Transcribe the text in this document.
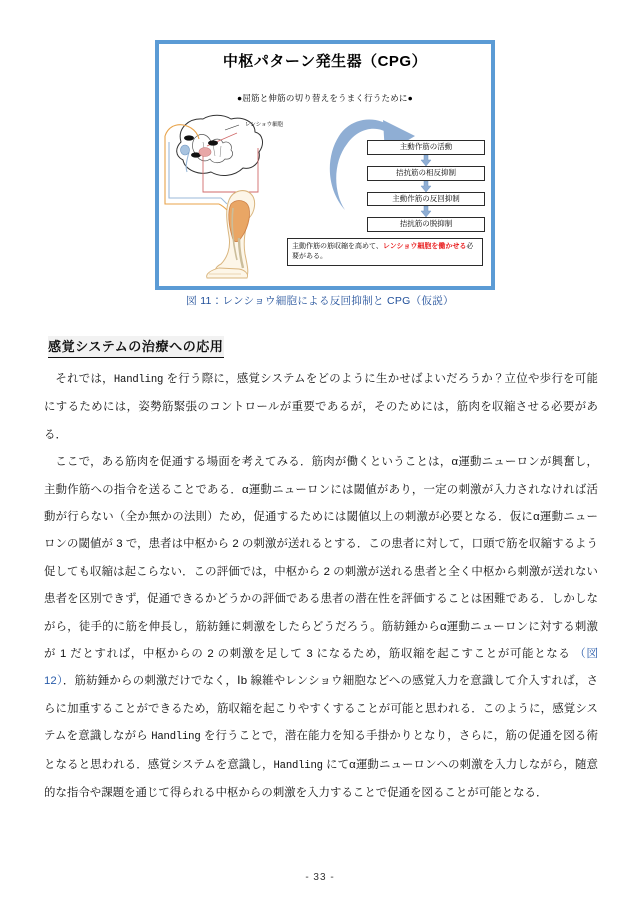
中枢パターン発生器（CPG）
●屈筋と伸筋の切り替えをうまく行うために●
レンショウ細胞
主動作筋の活動
拮抗筋の相反抑制
主動作筋の反回抑制
拮抗筋の脱抑制
主動作筋の筋収縮を高めて、レンショウ細胞を働かせる必要がある。
図 11：レンショウ細胞による反回抑制と CPG（仮説）
感覚システムの治療への応用

それでは，Handling を行う際に，感覚システムをどのように生かせばよいだろうか？立位や歩行を可能にするためには，姿勢筋緊張のコントロールが重要であるが，そのためには，筋肉を収縮させる必要がある．

ここで，ある筋肉を促通する場面を考えてみる．筋肉が働くということは，α運動ニューロンが興奮し，主動作筋への指令を送ることである．α運動ニューロンには閾値があり，一定の刺激が入力されなければ活動が行らない（全か無かの法則）ため，促通するためには閾値以上の刺激が必要となる．仮にα運動ニューロンの閾値が 3 で，患者は中枢から 2 の刺激が送れるとする．この患者に対して，口頭で筋を収縮するよう促しても収縮は起こらない．この評価では，中枢から 2 の刺激が送れる患者と全く中枢から刺激が送れない患者を区別できず，促通できるかどうかの評価である患者の潜在性を評価することは困難である．しかしながら，徒手的に筋を伸長し，筋紡錘に刺激をしたらどうだろう。筋紡錘からα運動ニューロンに対する刺激が 1 だとすれば，中枢からの 2 の刺激を足して 3 になるため，筋収縮を起こすことが可能となる （図 12）．筋紡錘からの刺激だけでなく，Ⅰb 線維やレンショウ細胞などへの感覚入力を意識して介入すれば，さらに加重することができるため，筋収縮を起こりやすくすることが可能と思われる．このように，感覚システムを意識しながら Handling を行うことで，潜在能力を知る手掛かりとなり，さらに，筋の促通を図る術となると思われる．感覚システムを意識し，Handling にてα運動ニューロンへの刺激を入力しながら，随意的な指令や課題を通じて得られる中枢からの刺激を入力することで促通を図ることが可能となる．

- 33 -
